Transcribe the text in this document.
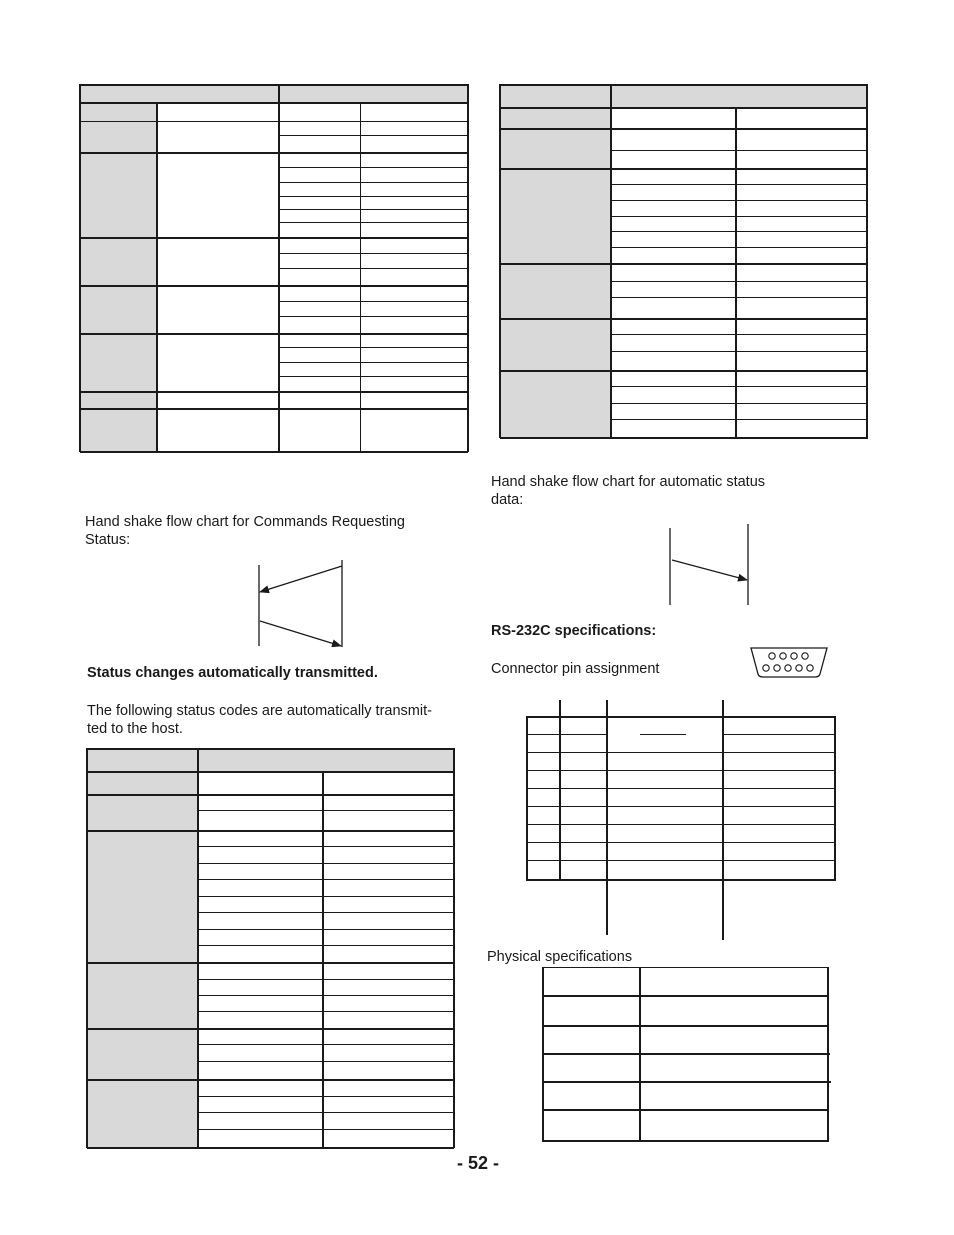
Hand shake flow chart for Commands Requesting
Status:
Status changes automatically transmitted.
The following status codes are automatically transmit-
ted to the host.
Hand shake flow chart for automatic status
data:
RS-232C specifications:
Connector pin assignment
Physical specifications
- 52 -
